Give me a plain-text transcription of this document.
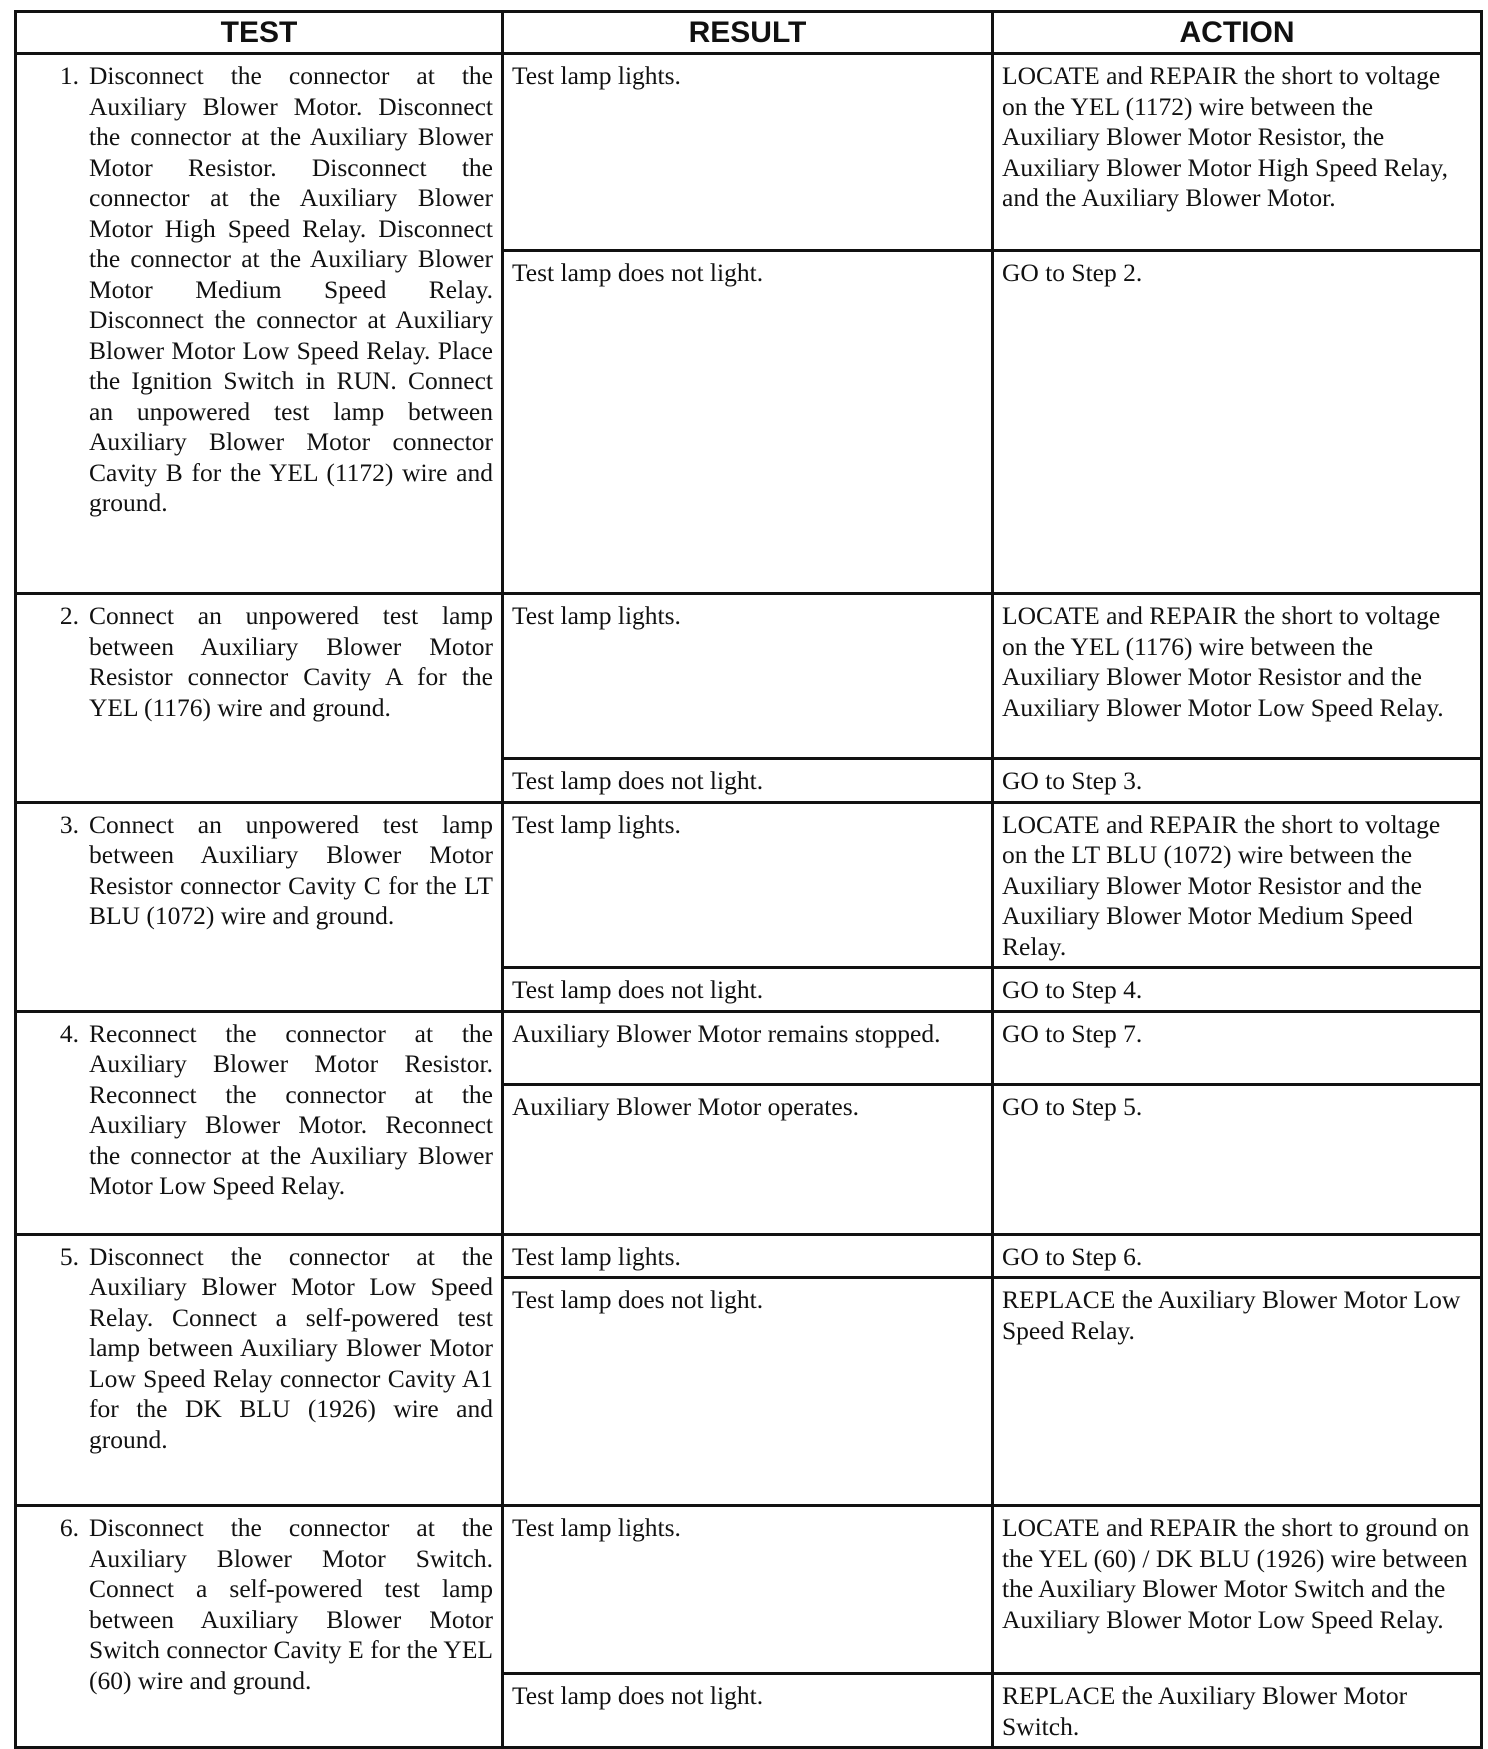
TEST	RESULT	ACTION

1. Disconnect the connector at the Auxiliary Blower Motor. Disconnect the connector at the Auxiliary Blower Motor Resistor. Disconnect the connector at the Auxiliary Blower Motor High Speed Relay. Disconnect the connector at the Auxiliary Blower Motor Medium Speed Relay. Disconnect the connector at Auxiliary Blower Motor Low Speed Relay. Place the Ignition Switch in RUN. Connect an unpowered test lamp between Auxiliary Blower Motor connector Cavity B for the YEL (1172) wire and ground.	Test lamp lights.	LOCATE and REPAIR the short to voltage on the YEL (1172) wire between the Auxiliary Blower Motor Resistor, the Auxiliary Blower Motor High Speed Relay, and the Auxiliary Blower Motor.
	Test lamp does not light.	GO to Step 2.

2. Connect an unpowered test lamp between Auxiliary Blower Motor Resistor connector Cavity A for the YEL (1176) wire and ground.	Test lamp lights.	LOCATE and REPAIR the short to voltage on the YEL (1176) wire between the Auxiliary Blower Motor Resistor and the Auxiliary Blower Motor Low Speed Relay.
	Test lamp does not light.	GO to Step 3.

3. Connect an unpowered test lamp between Auxiliary Blower Motor Resistor connector Cavity C for the LT BLU (1072) wire and ground.	Test lamp lights.	LOCATE and REPAIR the short to voltage on the LT BLU (1072) wire between the Auxiliary Blower Motor Resistor and the Auxiliary Blower Motor Medium Speed Relay.
	Test lamp does not light.	GO to Step 4.

4. Reconnect the connector at the Auxiliary Blower Motor Resistor. Reconnect the connector at the Auxiliary Blower Motor. Reconnect the connector at the Auxiliary Blower Motor Low Speed Relay.	Auxiliary Blower Motor remains stopped.	GO to Step 7.
	Auxiliary Blower Motor operates.	GO to Step 5.

5. Disconnect the connector at the Auxiliary Blower Motor Low Speed Relay. Connect a self-powered test lamp between Auxiliary Blower Motor Low Speed Relay connector Cavity A1 for the DK BLU (1926) wire and ground.	Test lamp lights.	GO to Step 6.
	Test lamp does not light.	REPLACE the Auxiliary Blower Motor Low Speed Relay.

6. Disconnect the connector at the Auxiliary Blower Motor Switch. Connect a self-powered test lamp between Auxiliary Blower Motor Switch connector Cavity E for the YEL (60) wire and ground.	Test lamp lights.	LOCATE and REPAIR the short to ground on the YEL (60) / DK BLU (1926) wire between the Auxiliary Blower Motor Switch and the Auxiliary Blower Motor Low Speed Relay.
	Test lamp does not light.	REPLACE the Auxiliary Blower Motor Switch.
